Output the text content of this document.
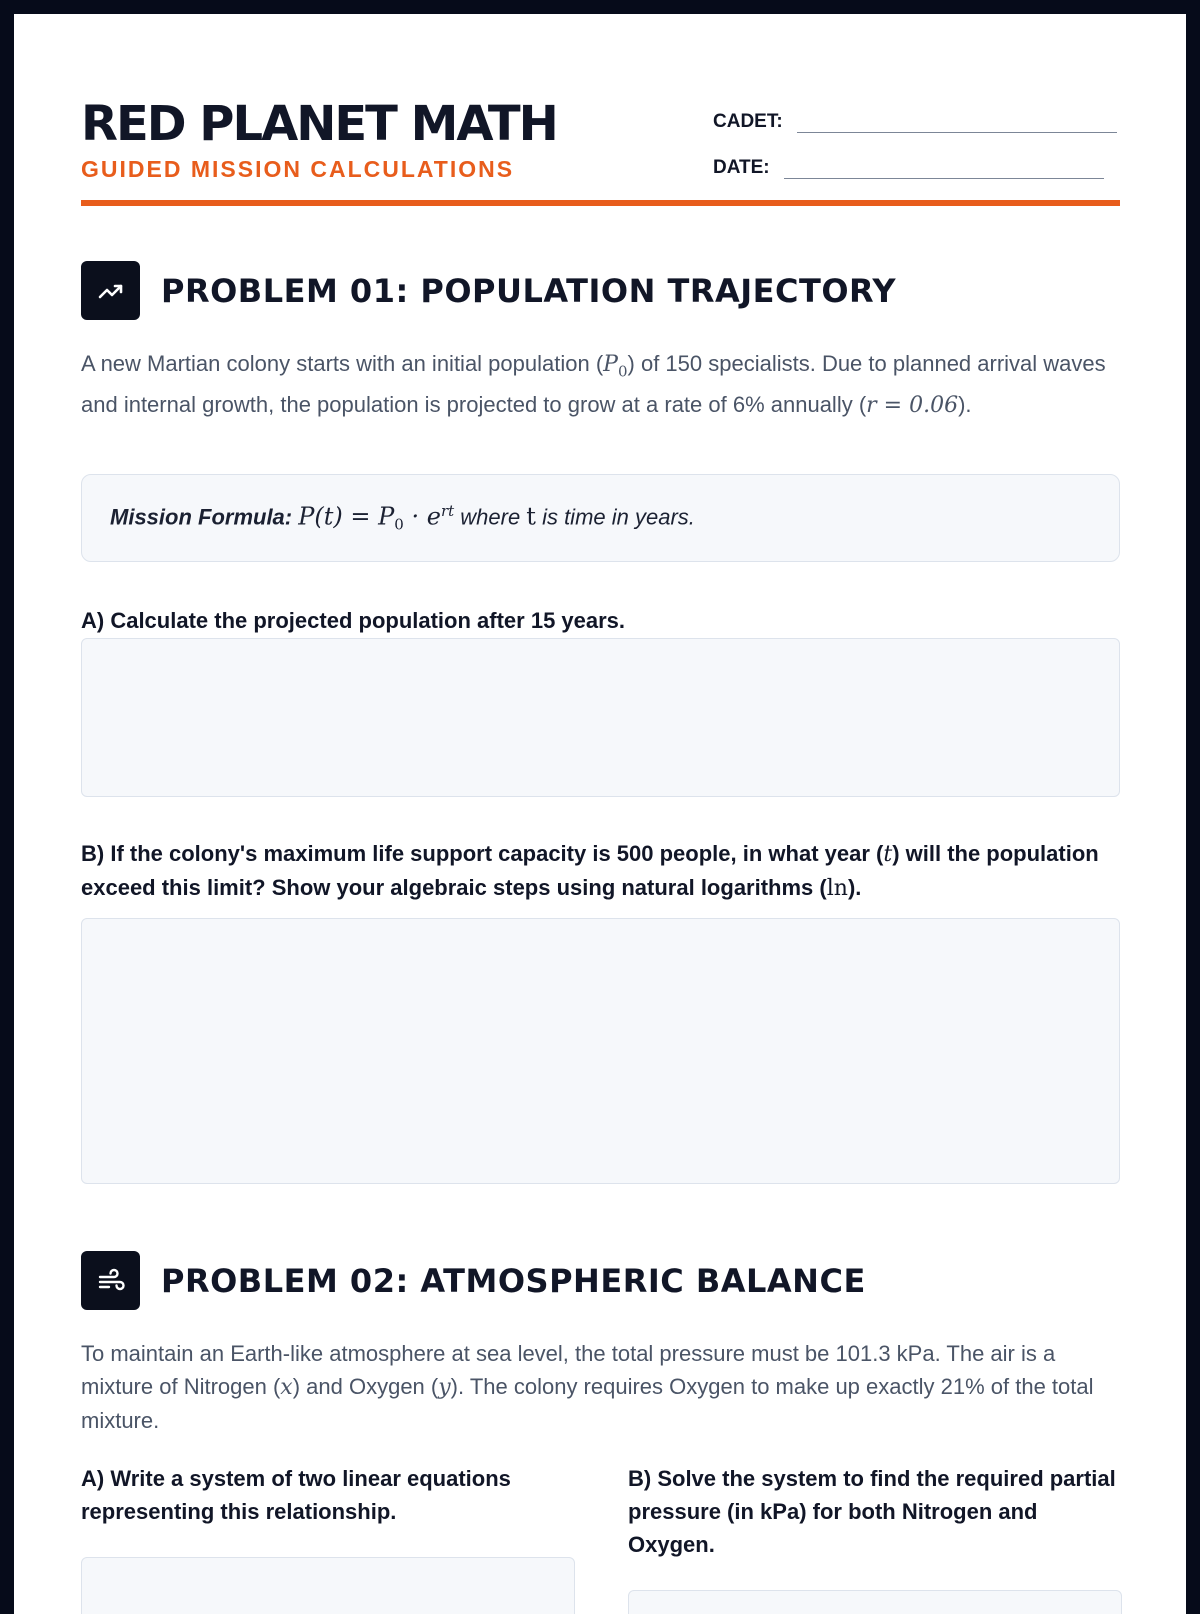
RED PLANET MATH
GUIDED MISSION CALCULATIONS
CADET:
DATE:
PROBLEM 01: POPULATION TRAJECTORY

A new Martian colony starts with an initial population $(P_0)$ of 150 specialists. Due to planned arrival waves and internal growth, the population is projected to grow at a rate of 6% annually (r = 0.06).

Mission Formula: $P(t) = P_0 \cdot e^{rt}$ where t is time in years.

A) Calculate the projected population after 15 years.

B) If the colony's maximum life support capacity is 500 people, in what year (t) will the population exceed this limit? Show your algebraic steps using natural logarithms (ln).

PROBLEM 02: ATMOSPHERIC BALANCE

To maintain an Earth-like atmosphere at sea level, the total pressure must be 101.3 kPa. The air is a mixture of Nitrogen (x) and Oxygen (y). The colony requires Oxygen to make up exactly 21% of the total mixture.

A) Write a system of two linear equations representing this relationship.

B) Solve the system to find the required partial pressure (in kPa) for both Nitrogen and Oxygen.
